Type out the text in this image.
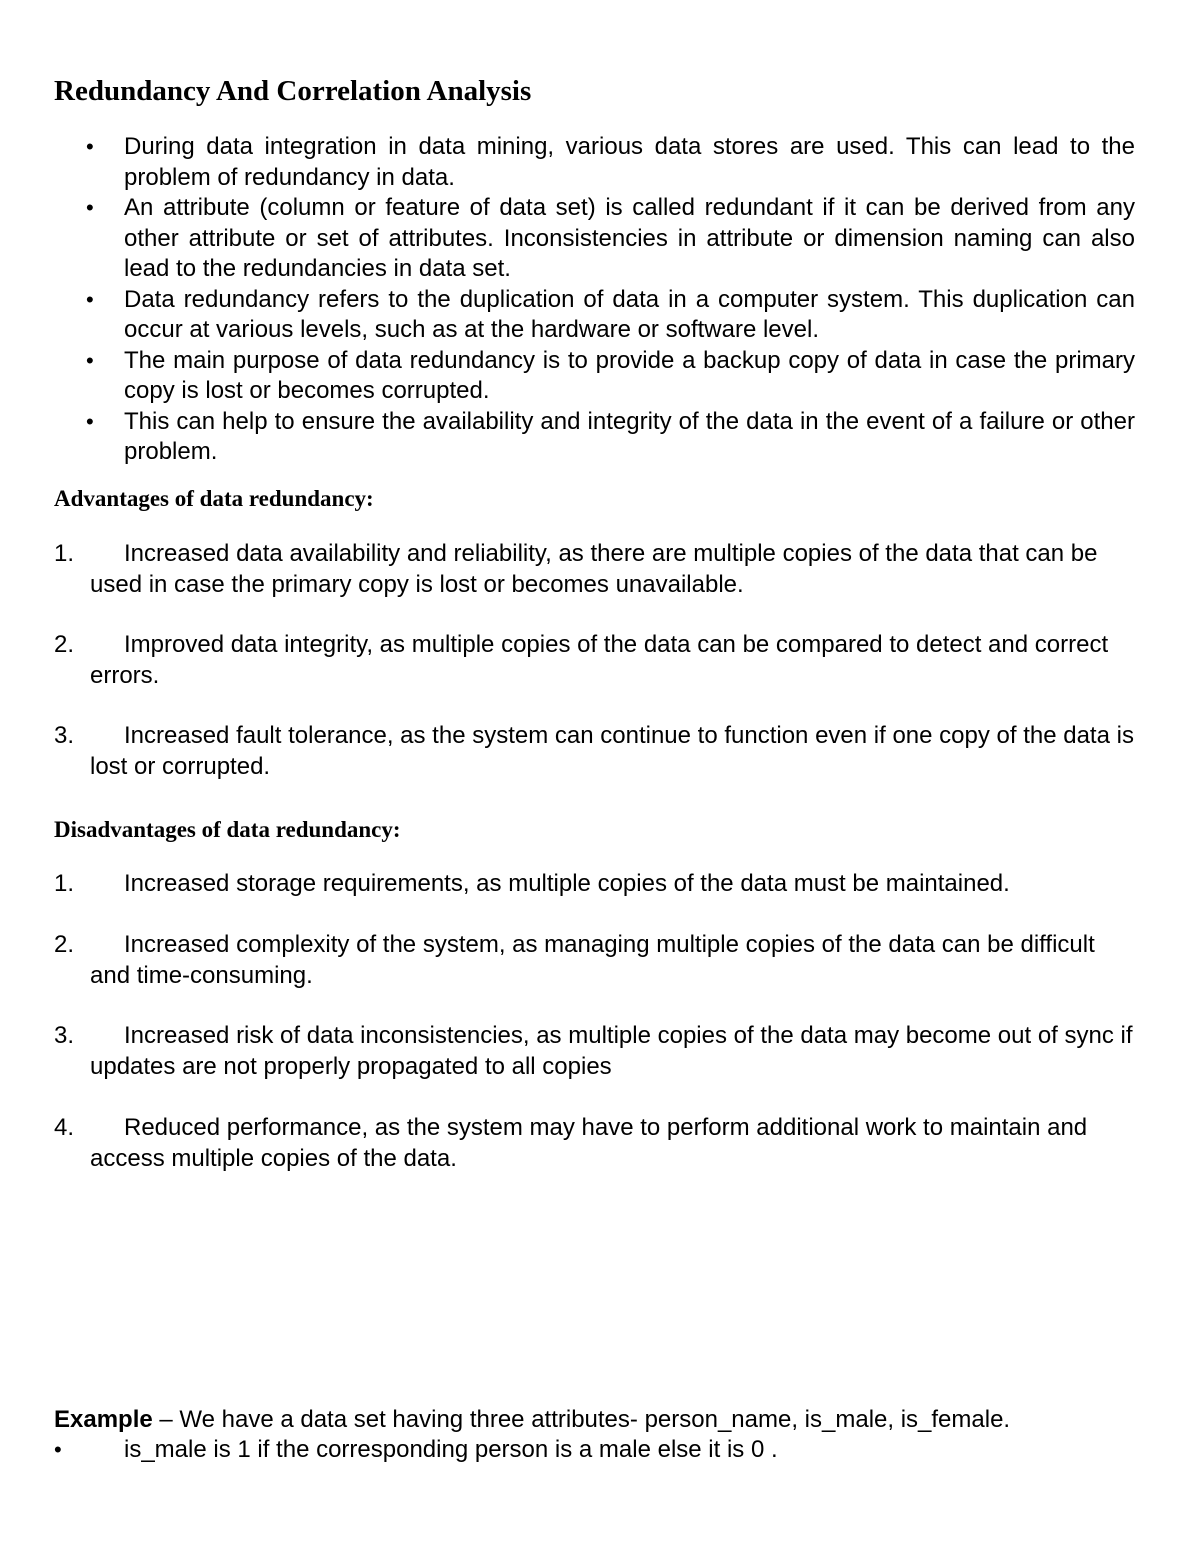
Redundancy And Correlation Analysis
• During data integration in data mining, various data stores are used. This can lead to the problem of redundancy in data.
• An attribute (column or feature of data set) is called redundant if it can be derived from any other attribute or set of attributes. Inconsistencies in attribute or dimension naming can also lead to the redundancies in data set.
• Data redundancy refers to the duplication of data in a computer system. This duplication can occur at various levels, such as at the hardware or software level.
• The main purpose of data redundancy is to provide a backup copy of data in case the primary copy is lost or becomes corrupted.
• This can help to ensure the availability and integrity of the data in the event of a failure or other problem.
Advantages of data redundancy:
1.	Increased data availability and reliability, as there are multiple copies of the data that can be used in case the primary copy is lost or becomes unavailable.
2.	Improved data integrity, as multiple copies of the data can be compared to detect and correct errors.
3.	Increased fault tolerance, as the system can continue to function even if one copy of the data is lost or corrupted.
Disadvantages of data redundancy:
1.	Increased storage requirements, as multiple copies of the data must be maintained.
2.	Increased complexity of the system, as managing multiple copies of the data can be difficult and time-consuming.
3.	Increased risk of data inconsistencies, as multiple copies of the data may become out of sync if updates are not properly propagated to all copies
4.	Reduced performance, as the system may have to perform additional work to maintain and access multiple copies of the data.
Example – We have a data set having three attributes- person_name, is_male, is_female.
•	is_male is 1 if the corresponding person is a male else it is 0 .
